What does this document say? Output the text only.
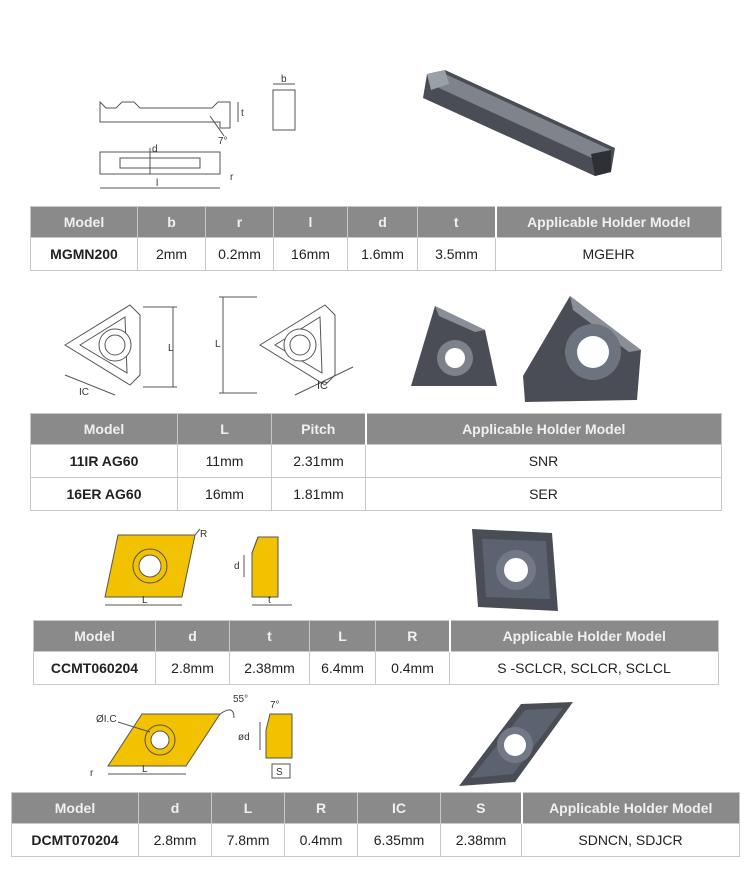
t
7°
b
d
l
r
Model	b	r	l	d	t	Applicable Holder Model
MGMN200	2mm	0.2mm	16mm	1.6mm	3.5mm	MGEHR
L
IC
L
IC
Model	L	Pitch	Applicable Holder Model
11IR AG60	11mm	2.31mm	SNR
16ER AG60	16mm	1.81mm	SER
R
L
d
t
Model	d	t	L	R	Applicable Holder Model
CCMT060204	2.8mm	2.38mm	6.4mm	0.4mm	S -SCLCR, SCLCR, SCLCL
ØI.C
55°
r	L
7°
ød
S
Model	d	L	R	IC	S	Applicable Holder Model
DCMT070204	2.8mm	7.8mm	0.4mm	6.35mm	2.38mm	SDNCN, SDJCR
